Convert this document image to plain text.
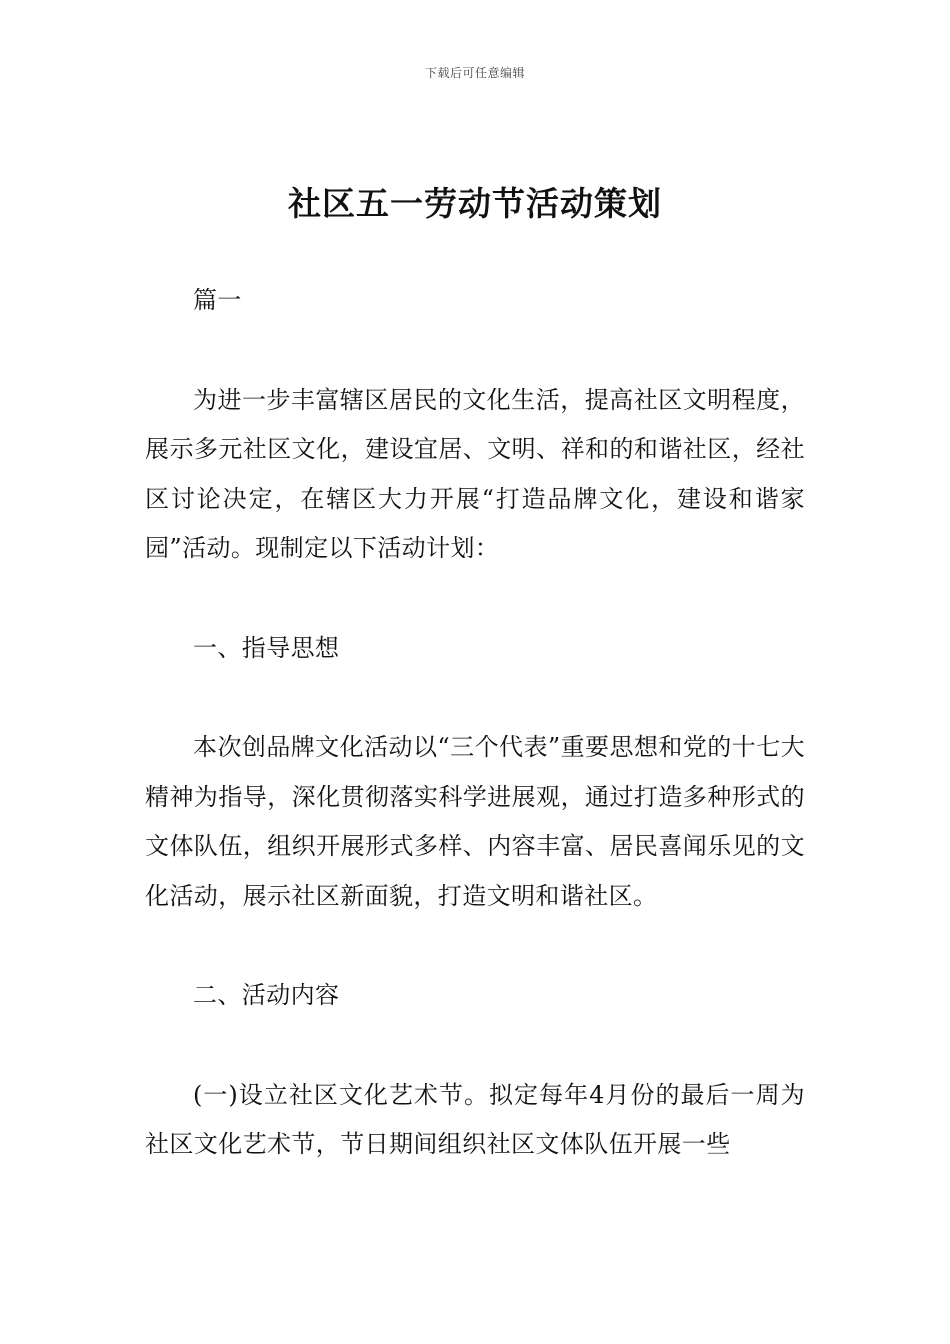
下载后可任意编辑
社区五一劳动节活动策划

篇一

为进一步丰富辖区居民的文化生活，提高社区文明程度，展示多元社区文化，建设宜居、文明、祥和的和谐社区，经社区讨论决定，在辖区大力开展“打造品牌文化，建设和谐家园”活动。现制定以下活动计划：

一、指导思想

本次创品牌文化活动以“三个代表”重要思想和党的十七大精神为指导，深化贯彻落实科学进展观，通过打造多种形式的文体队伍，组织开展形式多样、内容丰富、居民喜闻乐见的文化活动，展示社区新面貌，打造文明和谐社区。

二、活动内容

(一)设立社区文化艺术节。拟定每年4月份的最后一周为社区文化艺术节，节日期间组织社区文体队伍开展一些
